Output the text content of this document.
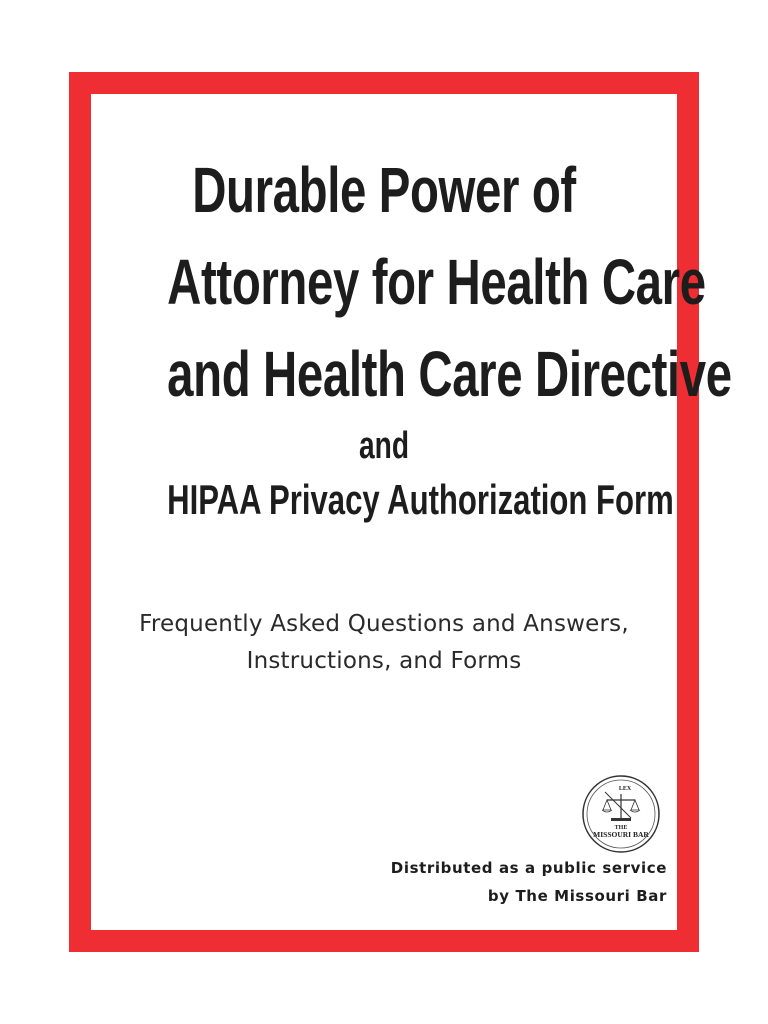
Durable Power of
Attorney for Health Care
and Health Care Directive

and

HIPAA Privacy Authorization Form

Frequently Asked Questions and Answers,
Instructions, and Forms

LEX
THE
MISSOURI BAR

Distributed as a public service
by The Missouri Bar
